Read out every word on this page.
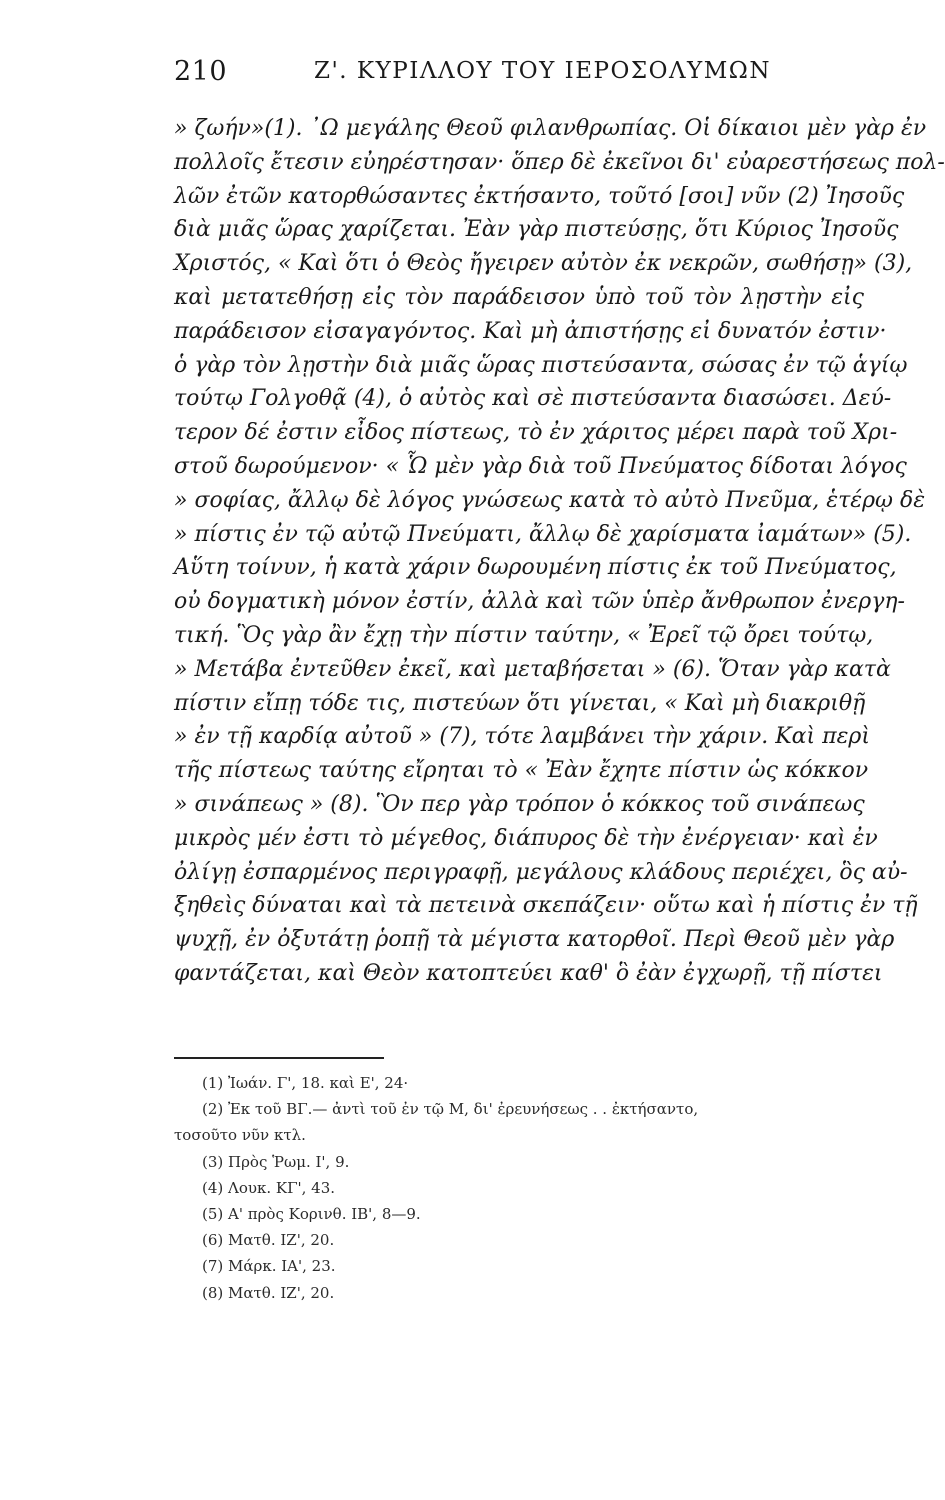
210	Ζ'. ΚΥΡΙΛΛΟΥ ΤΟΥ ΙΕΡΟΣΟΛΥΜΩΝ
» ζωήν»(1). ᾿Ω μεγάλης Θεοῦ φιλανθρωπίας. Οἱ δίκαιοι μὲν γὰρ ἐν
πολλοῖς ἔτεσιν εὐηρέστησαν· ὅπερ δὲ ἐκεῖνοι δι' εὐαρεστήσεως πολ-
λῶν ἐτῶν κατορθώσαντες ἐκτήσαντο, τοῦτό [σοι] νῦν (2) Ἰησοῦς
διὰ μιᾶς ὥρας χαρίζεται. Ἐὰν γὰρ πιστεύσῃς, ὅτι Κύριος Ἰησοῦς
Χριστός, « Καὶ ὅτι ὁ Θεὸς ἤγειρεν αὐτὸν ἐκ νεκρῶν, σωθήσῃ» (3),
καὶ μετατεθήσῃ εἰς τὸν παράδεισον ὑπὸ τοῦ τὸν λῃστὴν εἰς
παράδεισον εἰσαγαγόντος. Καὶ μὴ ἀπιστήσῃς εἰ δυνατόν ἐστιν·
ὁ γὰρ τὸν λῃστὴν διὰ μιᾶς ὥρας πιστεύσαντα, σώσας ἐν τῷ ἁγίῳ
τούτῳ Γολγοθᾷ (4), ὁ αὐτὸς καὶ σὲ πιστεύσαντα διασώσει. Δεύ-
τερον δέ ἐστιν εἶδος πίστεως, τὸ ἐν χάριτος μέρει παρὰ τοῦ Χρι-
στοῦ δωρούμενον· « Ὧ μὲν γὰρ διὰ τοῦ Πνεύματος δίδοται λόγος
» σοφίας, ἄλλῳ δὲ λόγος γνώσεως κατὰ τὸ αὐτὸ Πνεῦμα, ἑτέρῳ δὲ
» πίστις ἐν τῷ αὐτῷ Πνεύματι, ἄλλῳ δὲ χαρίσματα ἰαμάτων» (5).
Αὕτη τοίνυν, ἡ κατὰ χάριν δωρουμένη πίστις ἐκ τοῦ Πνεύματος,
οὐ δογματικὴ μόνον ἐστίν, ἀλλὰ καὶ τῶν ὑπὲρ ἄνθρωπον ἐνεργη-
τική. Ὃς γὰρ ἂν ἔχῃ τὴν πίστιν ταύτην, « Ἐρεῖ τῷ ὄρει τούτῳ,
» Μετάβα ἐντεῦθεν ἐκεῖ, καὶ μεταβήσεται » (6). Ὅταν γὰρ κατὰ
πίστιν εἴπῃ τόδε τις, πιστεύων ὅτι γίνεται, « Καὶ μὴ διακριθῇ
» ἐν τῇ καρδίᾳ αὐτοῦ » (7), τότε λαμβάνει τὴν χάριν. Καὶ περὶ
τῆς πίστεως ταύτης εἴρηται τὸ « Ἐὰν ἔχητε πίστιν ὡς κόκκον
» σινάπεως » (8). Ὃν περ γὰρ τρόπον ὁ κόκκος τοῦ σινάπεως
μικρὸς μέν ἐστι τὸ μέγεθος, διάπυρος δὲ τὴν ἐνέργειαν· καὶ ἐν
ὀλίγῃ ἐσπαρμένος περιγραφῇ, μεγάλους κλάδους περιέχει, ὃς αὐ-
ξηθεὶς δύναται καὶ τὰ πετεινὰ σκεπάζειν· οὕτω καὶ ἡ πίστις ἐν τῇ
ψυχῇ, ἐν ὀξυτάτῃ ῥοπῇ τὰ μέγιστα κατορθοῖ. Περὶ Θεοῦ μὲν γὰρ
φαντάζεται, καὶ Θεὸν κατοπτεύει καθ' ὃ ἐὰν ἐγχωρῇ, τῇ πίστει
(1) Ἰωάν. Γ', 18. καὶ Ε', 24·
(2) Ἐκ τοῦ ΒΓ.— ἀντὶ τοῦ ἐν τῷ Μ, δι' ἐρευνήσεως . . ἐκτήσαντο,
τοσοῦτο νῦν κτλ.
(3) Πρὸς Ῥωμ. Ι', 9.
(4) Λουκ. ΚΓ', 43.
(5) Α' πρὸς Κορινθ. ΙΒ', 8—9.
(6) Ματθ. ΙΖ', 20.
(7) Μάρκ. ΙΑ', 23.
(8) Ματθ. ΙΖ', 20.
